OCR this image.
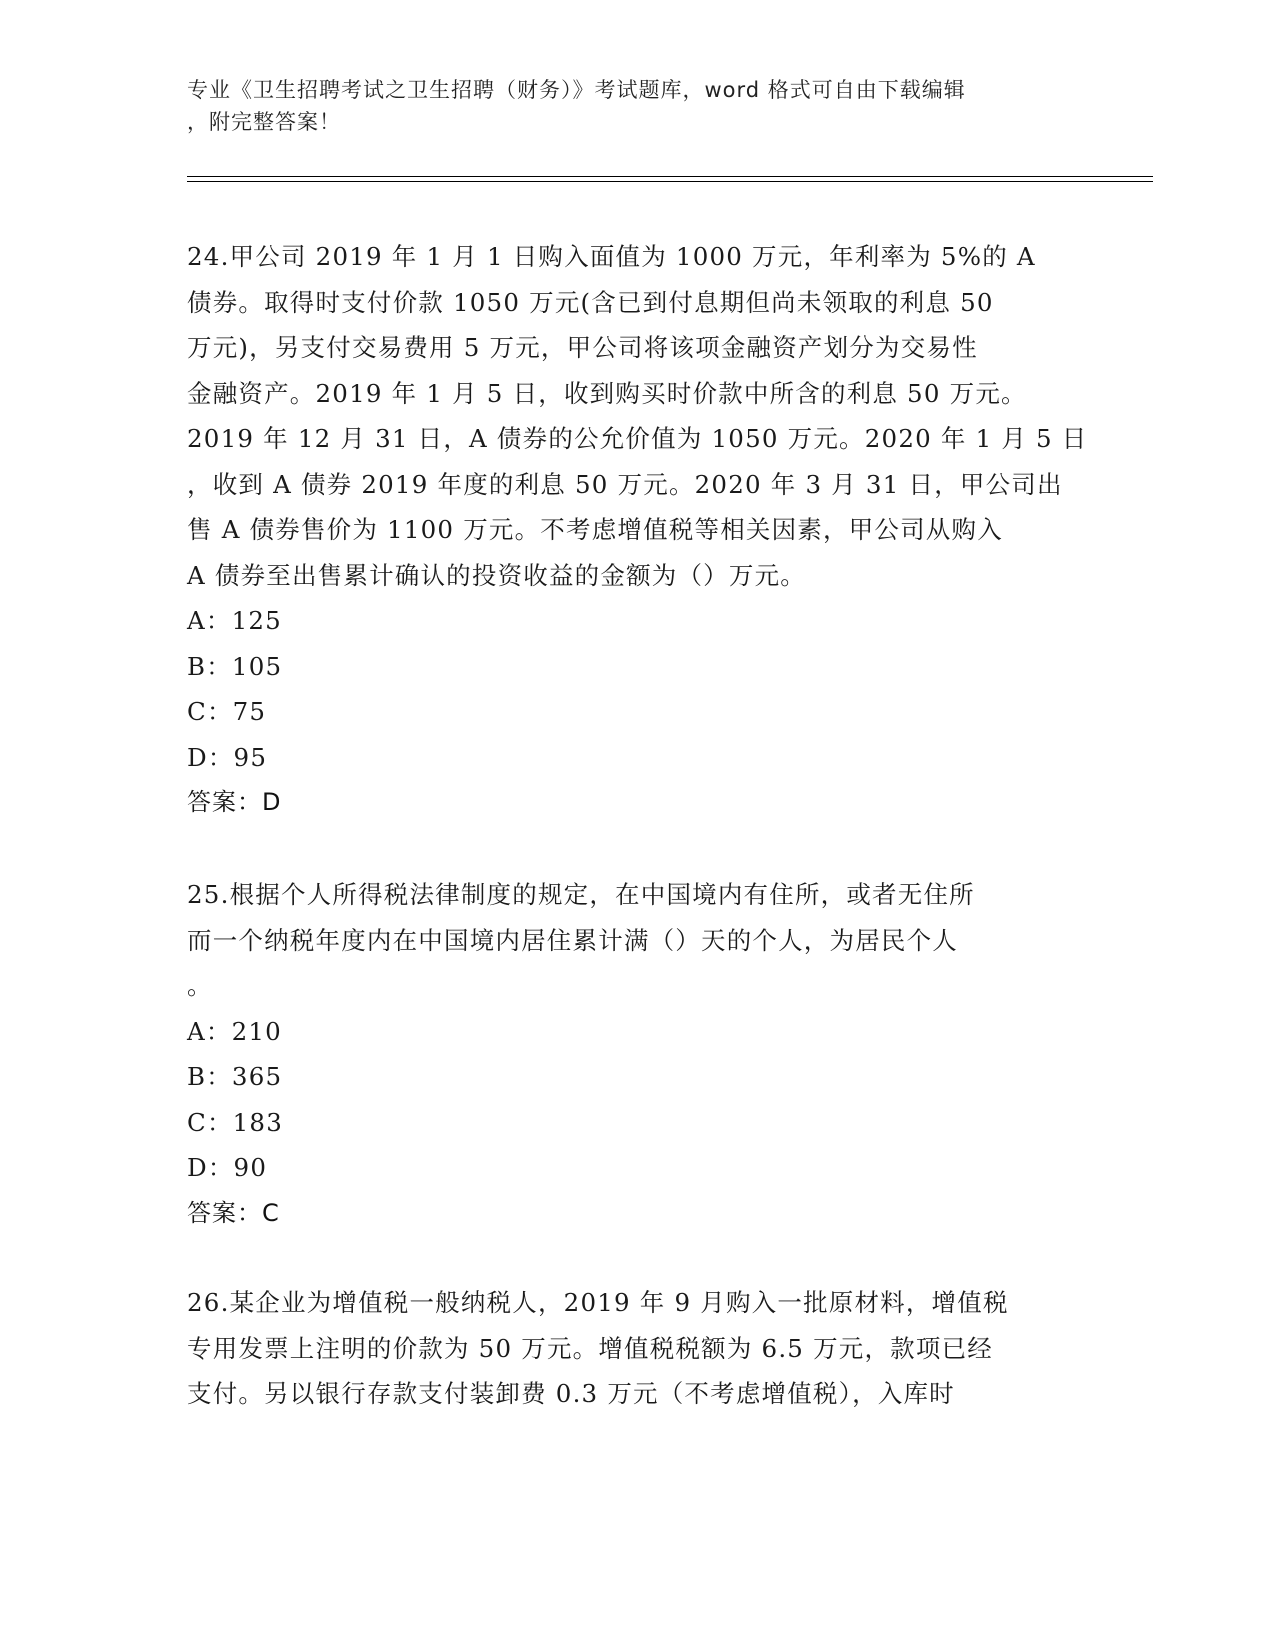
专业《卫生招聘考试之卫生招聘（财务）》考试题库，word 格式可自由下载编辑
，附完整答案！
24.甲公司 2019 年 1 月 1 日购入面值为 1000 万元，年利率为 5%的 A
债券。取得时支付价款 1050 万元(含已到付息期但尚未领取的利息 50
万元)，另支付交易费用 5 万元，甲公司将该项金融资产划分为交易性
金融资产。2019 年 1 月 5 日，收到购买时价款中所含的利息 50 万元。
2019 年 12 月 31 日，A 债券的公允价值为 1050 万元。2020 年 1 月 5 日
，收到 A 债券 2019 年度的利息 50 万元。2020 年 3 月 31 日，甲公司出
售 A 债券售价为 1100 万元。不考虑增值税等相关因素，甲公司从购入
A 债券至出售累计确认的投资收益的金额为（）万元。
A：125
B：105
C：75
D：95
答案：D
25.根据个人所得税法律制度的规定，在中国境内有住所，或者无住所
而一个纳税年度内在中国境内居住累计满（）天的个人，为居民个人
。
A：210
B：365
C：183
D：90
答案：C
26.某企业为增值税一般纳税人，2019 年 9 月购入一批原材料，增值税
专用发票上注明的价款为 50 万元。增值税税额为 6.5 万元，款项已经
支付。另以银行存款支付装卸费 0.3 万元（不考虑增值税），入库时
